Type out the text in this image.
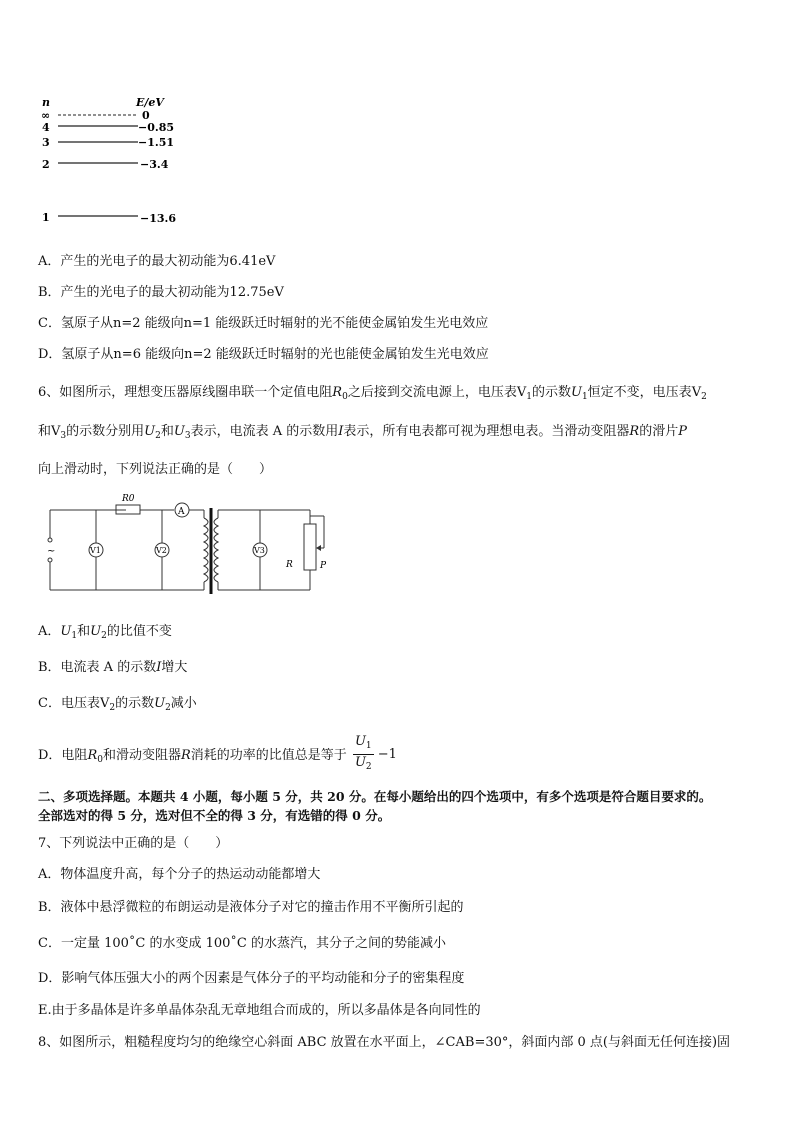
n	E/eV
∞	0
4	−0.85
3	−1.51
2	−3.4
1	−13.6
A．产生的光电子的最大初动能为6.41eV
B．产生的光电子的最大初动能为12.75eV
C．氢原子从n=2 能级向n=1 能级跃迁时辐射的光不能使金属铂发生光电效应
D．氢原子从n=6 能级向n=2 能级跃迁时辐射的光也能使金属铂发生光电效应
6、如图所示，理想变压器原线圈串联一个定值电阻$R_0$之后接到交流电源上，电压表$V_1$的示数$U_1$恒定不变，电压表$V_2$
和$V_3$的示数分别用$U_2$和$U_3$表示，电流表 A 的示数用I表示，所有电表都可视为理想电表。当滑动变阻器R的滑片P
向上滑动时，下列说法正确的是（　　）
~
R0
A
V1	V2	V3
R	P
A．$U_1$和$U_2$的比值不变
B．电流表 A 的示数I增大
C．电压表$V_2$的示数$U_2$减小
D．电阻$R_0$和滑动变阻器R消耗的功率的比值总是等于 $\frac{U_1}{U_2} -1$
二、多项选择题。本题共 4 小题，每小题 5 分，共 20 分。在每小题给出的四个选项中，有多个选项是符合题目要求的。
全部选对的得 5 分，选对但不全的得 3 分，有选错的得 0 分。
7、下列说法中正确的是（　　）
A．物体温度升高，每个分子的热运动动能都增大
B．液体中悬浮微粒的布朗运动是液体分子对它的撞击作用不平衡所引起的
C．一定量 100˚C 的水变成 100˚C 的水蒸汽，其分子之间的势能减小
D．影响气体压强大小的两个因素是气体分子的平均动能和分子的密集程度
E.由于多晶体是许多单晶体杂乱无章地组合而成的，所以多晶体是各向同性的
8、如图所示，粗糙程度均匀的绝缘空心斜面 ABC 放置在水平面上，∠CAB=30°，斜面内部 0 点(与斜面无任何连接)固
